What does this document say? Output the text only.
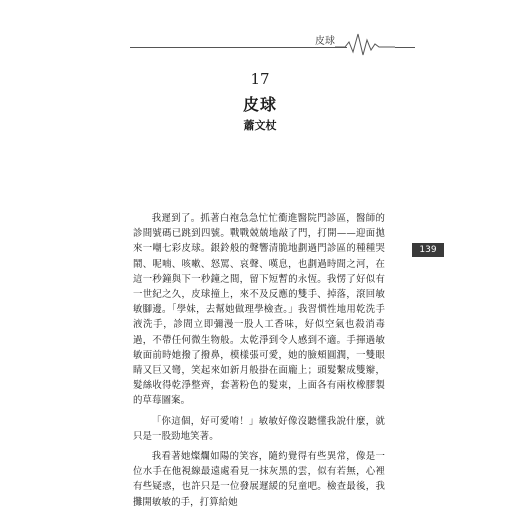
皮球
17
皮球
蕭文杖
139

我遲到了。抓著白袍急急忙忙衝進醫院門診區，醫師的診間號碼已跳到四號。戰戰兢兢地敲了門，打開——迎面拋來一嘲七彩皮球。銀鈴般的聲響清脆地劃過門診區的種種哭鬧、呢喃、咳嗽、怒罵、哀聲、嘆息，也劃過時間之河，在這一秒鐘與下一秒鐘之間，留下短暫的永恆。我愣了好似有一世紀之久，皮球撞上，來不及反應的雙手、掉落，滾回敏敏腳邊。「學妹，去幫她做理學檢查。」我習慣性地用乾洗手液洗手，診間立即彌漫一股人工香味，好似空氣也殺消毒過，不帶任何微生物般。太乾淨到令人感到不適。手揮過敏敏面前時她撥了撥鼻，模樣張可愛，她的臉頰圓潤，一雙眼睛又巨又彎，笑起來如新月般掛在面龐上；頭髮繫成雙辮，髮絲收得乾淨整齊，套著粉色的髮束，上面各有兩枚橡膠製的草莓圖案。

「你這個，好可愛唷！」敏敏好像沒聽懂我說什麼，就只是一股勁地笑著。

我看著她燦爛如陽的笑容，隨約覺得有些異常，像是一位水手在他視線最遠處看見一抹灰黑的雲，似有若無，心裡有些疑惑，也許只是一位發展遲緩的兒童吧。檢查最後，我攤開敏敏的手，打算給她
